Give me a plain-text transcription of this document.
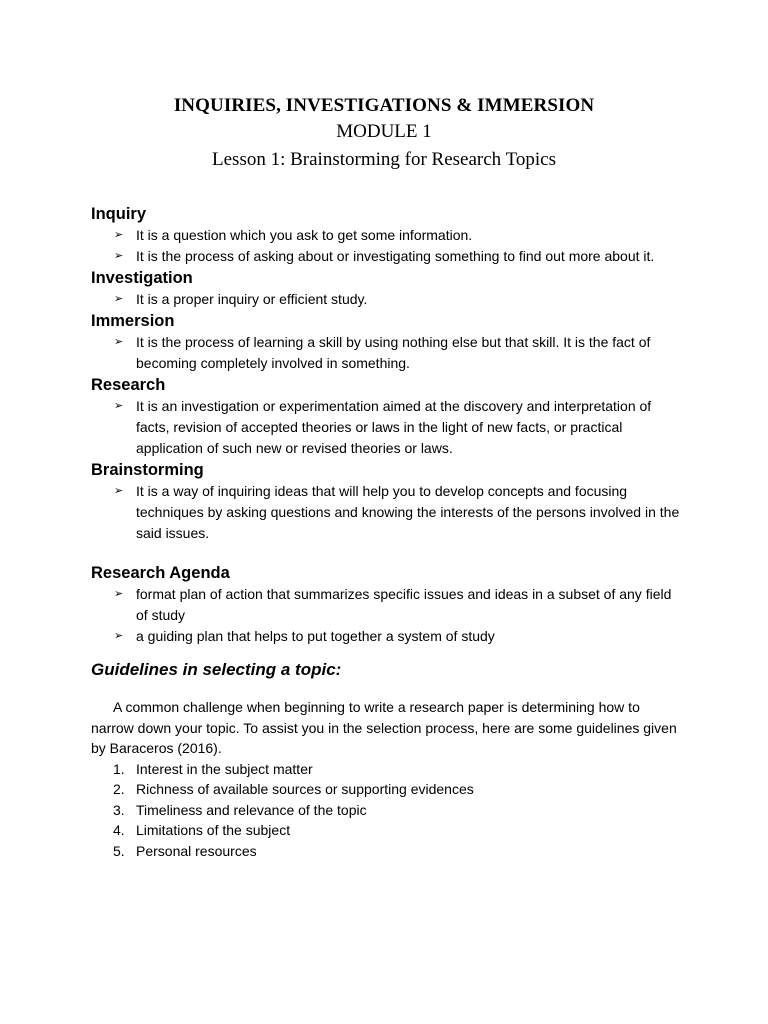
INQUIRIES, INVESTIGATIONS & IMMERSION
MODULE 1
Lesson 1: Brainstorming for Research Topics
Inquiry
➢ It is a question which you ask to get some information.
➢ It is the process of asking about or investigating something to find out more about it.
Investigation
➢ It is a proper inquiry or efficient study.
Immersion
➢ It is the process of learning a skill by using nothing else but that skill. It is the fact of becoming completely involved in something.
Research
➢ It is an investigation or experimentation aimed at the discovery and interpretation of facts, revision of accepted theories or laws in the light of new facts, or practical application of such new or revised theories or laws.
Brainstorming
➢ It is a way of inquiring ideas that will help you to develop concepts and focusing techniques by asking questions and knowing the interests of the persons involved in the said issues.
Research Agenda
➢ format plan of action that summarizes specific issues and ideas in a subset of any field of study
➢ a guiding plan that helps to put together a system of study
Guidelines in selecting a topic:
A common challenge when beginning to write a research paper is determining how to narrow down your topic. To assist you in the selection process, here are some guidelines given by Baraceros (2016).
1. Interest in the subject matter
2. Richness of available sources or supporting evidences
3. Timeliness and relevance of the topic
4. Limitations of the subject
5. Personal resources
